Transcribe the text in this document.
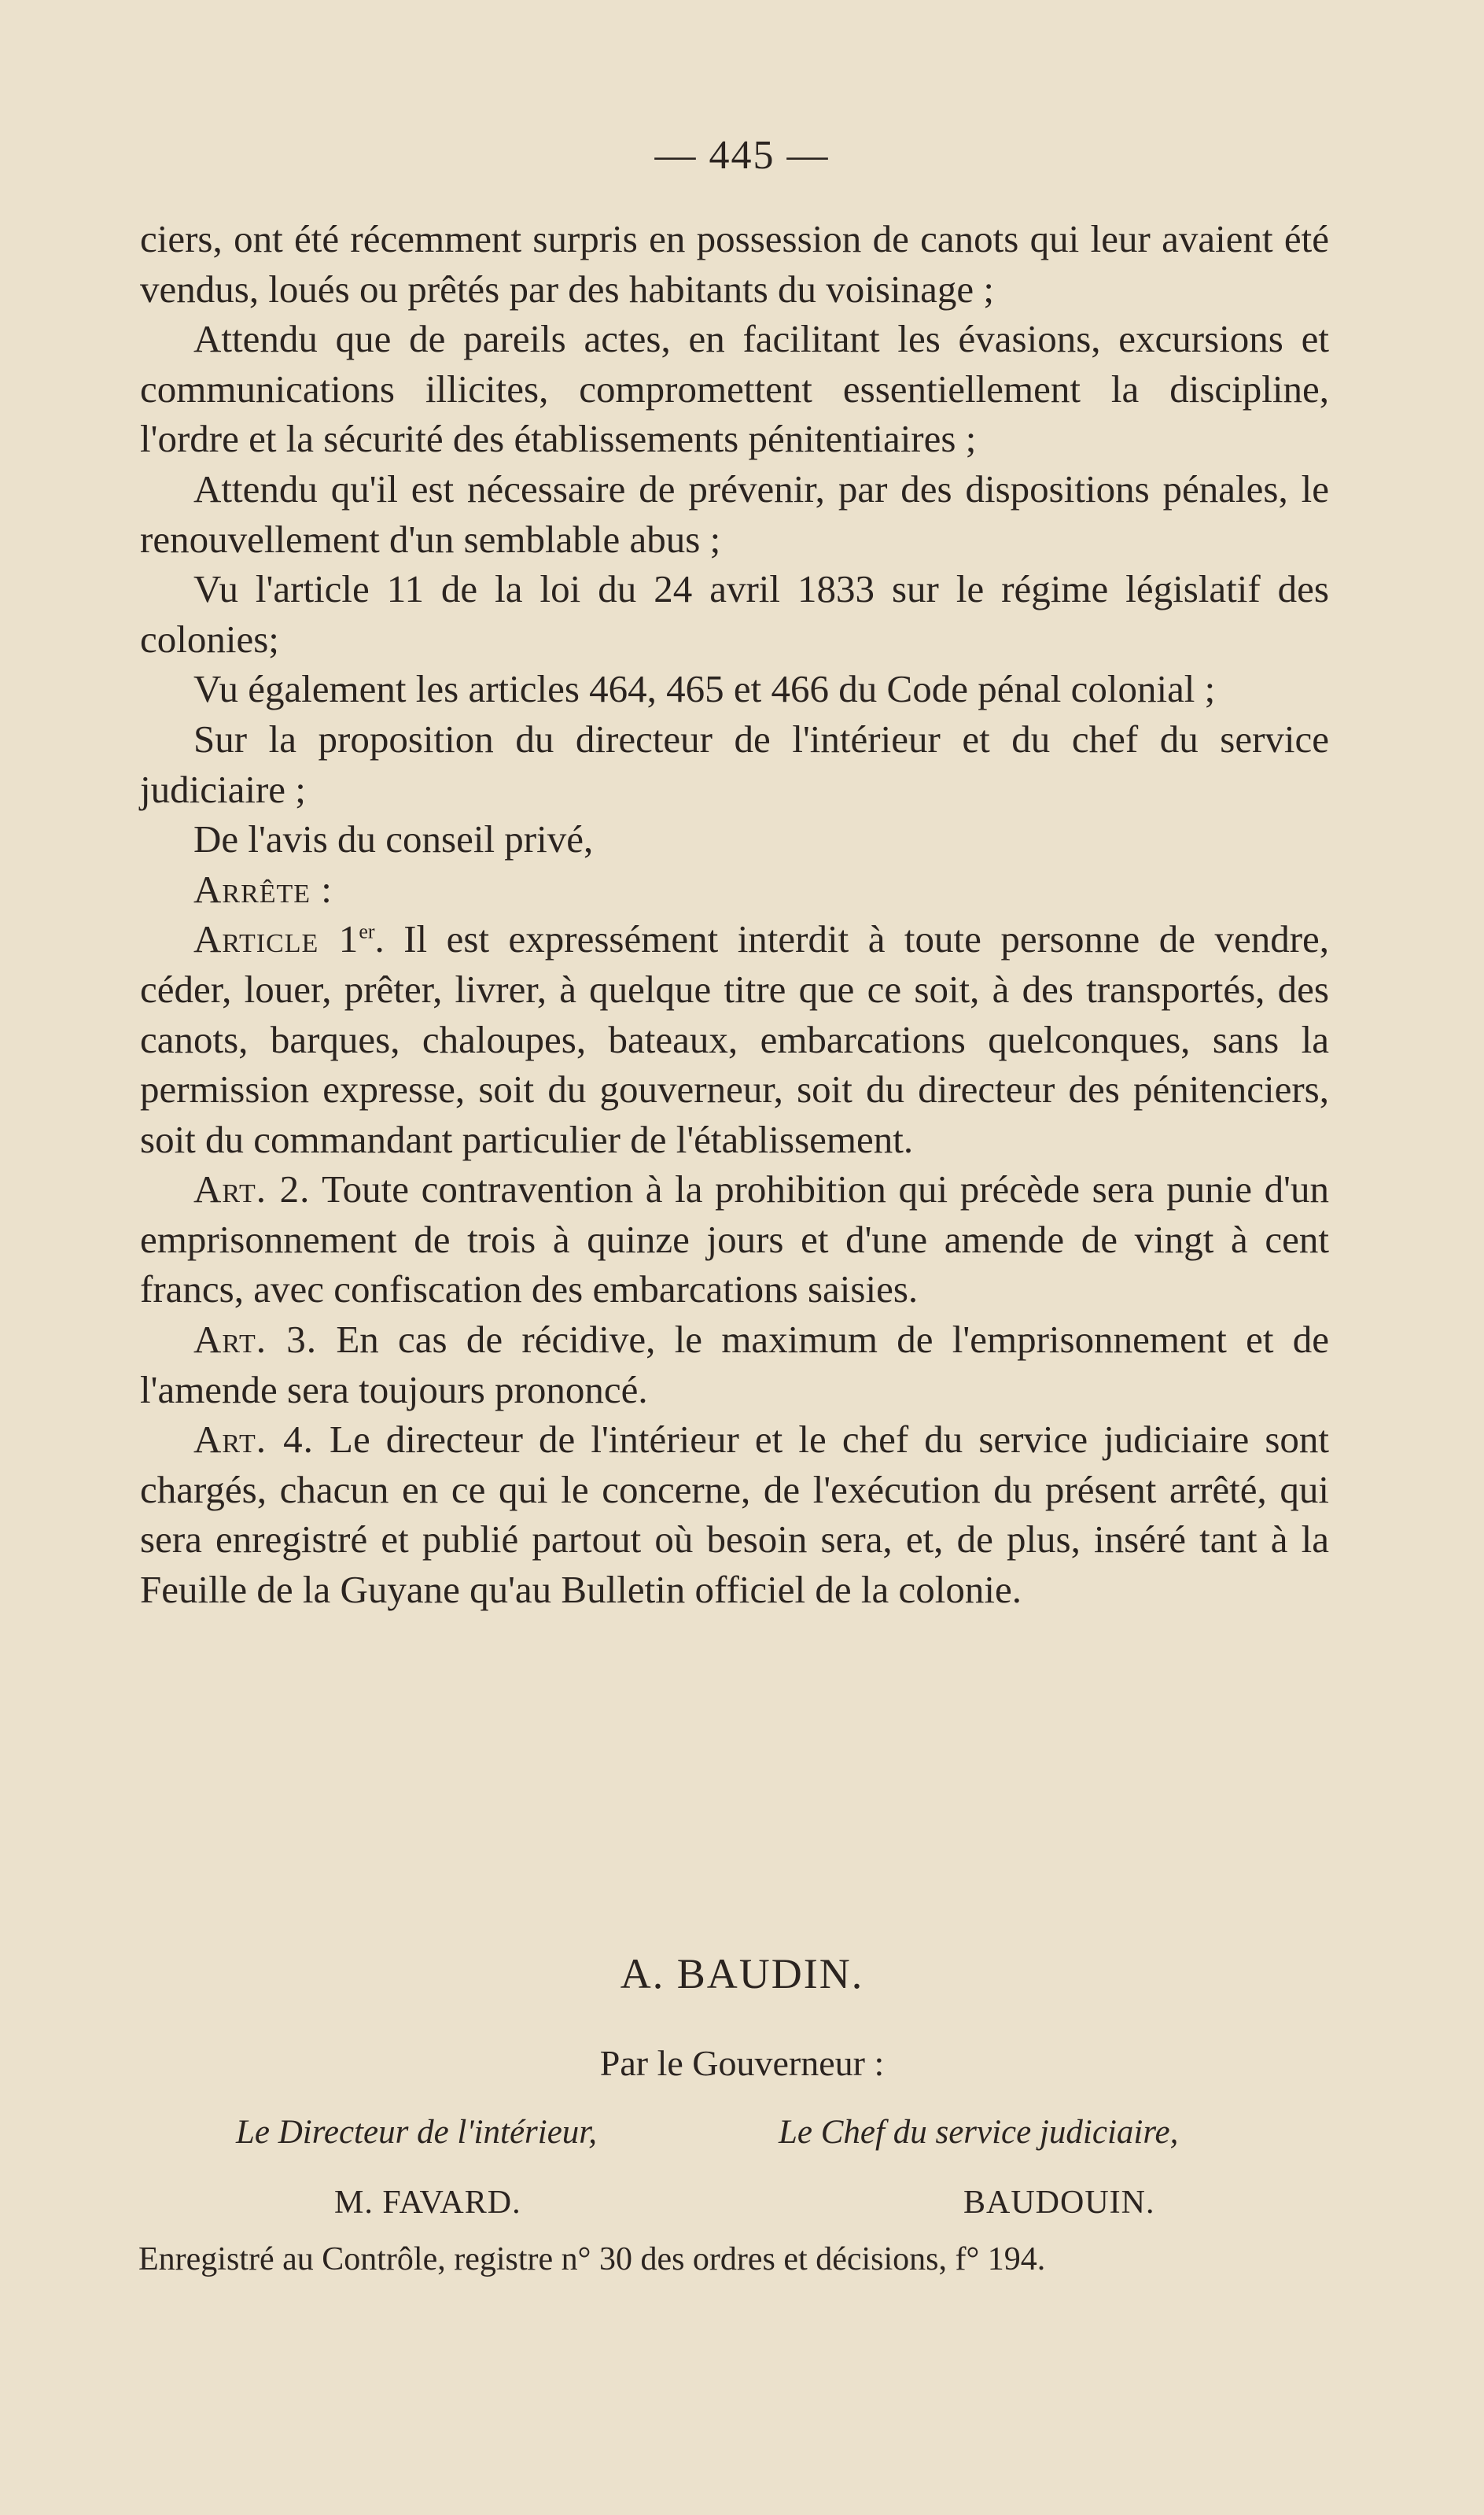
— 445 —

ciers, ont été récemment surpris en possession de canots qui leur avaient été vendus, loués ou prêtés par des habitants du voisinage ;

Attendu que de pareils actes, en facilitant les évasions, excursions et communications illicites, compromettent essentiellement la discipline, l'ordre et la sécurité des établissements pénitentiaires ;

Attendu qu'il est nécessaire de prévenir, par des dispositions pénales, le renouvellement d'un semblable abus ;

Vu l'article 11 de la loi du 24 avril 1833 sur le régime législatif des colonies;

Vu également les articles 464, 465 et 466 du Code pénal colonial ;

Sur la proposition du directeur de l'intérieur et du chef du service judiciaire ;

De l'avis du conseil privé,

Arrête :

Article 1er. Il est expressément interdit à toute personne de vendre, céder, louer, prêter, livrer, à quelque titre que ce soit, à des transportés, des canots, barques, chaloupes, bateaux, embarcations quelconques, sans la permission expresse, soit du gouverneur, soit du directeur des pénitenciers, soit du commandant particulier de l'établissement.

Art. 2. Toute contravention à la prohibition qui précède sera punie d'un emprisonnement de trois à quinze jours et d'une amende de vingt à cent francs, avec confiscation des embarcations saisies.

Art. 3. En cas de récidive, le maximum de l'emprisonnement et de l'amende sera toujours prononcé.

Art. 4. Le directeur de l'intérieur et le chef du service judiciaire sont chargés, chacun en ce qui le concerne, de l'exécution du présent arrêté, qui sera enregistré et publié partout où besoin sera, et, de plus, inséré tant à la Feuille de la Guyane qu'au Bulletin officiel de la colonie.

A. BAUDIN.
Par le Gouverneur :
Le Directeur de l'intérieur,	Le Chef du service judiciaire,
M. FAVARD.	BAUDOUIN.
Enregistré au Contrôle, registre n° 30 des ordres et décisions, f° 194.
